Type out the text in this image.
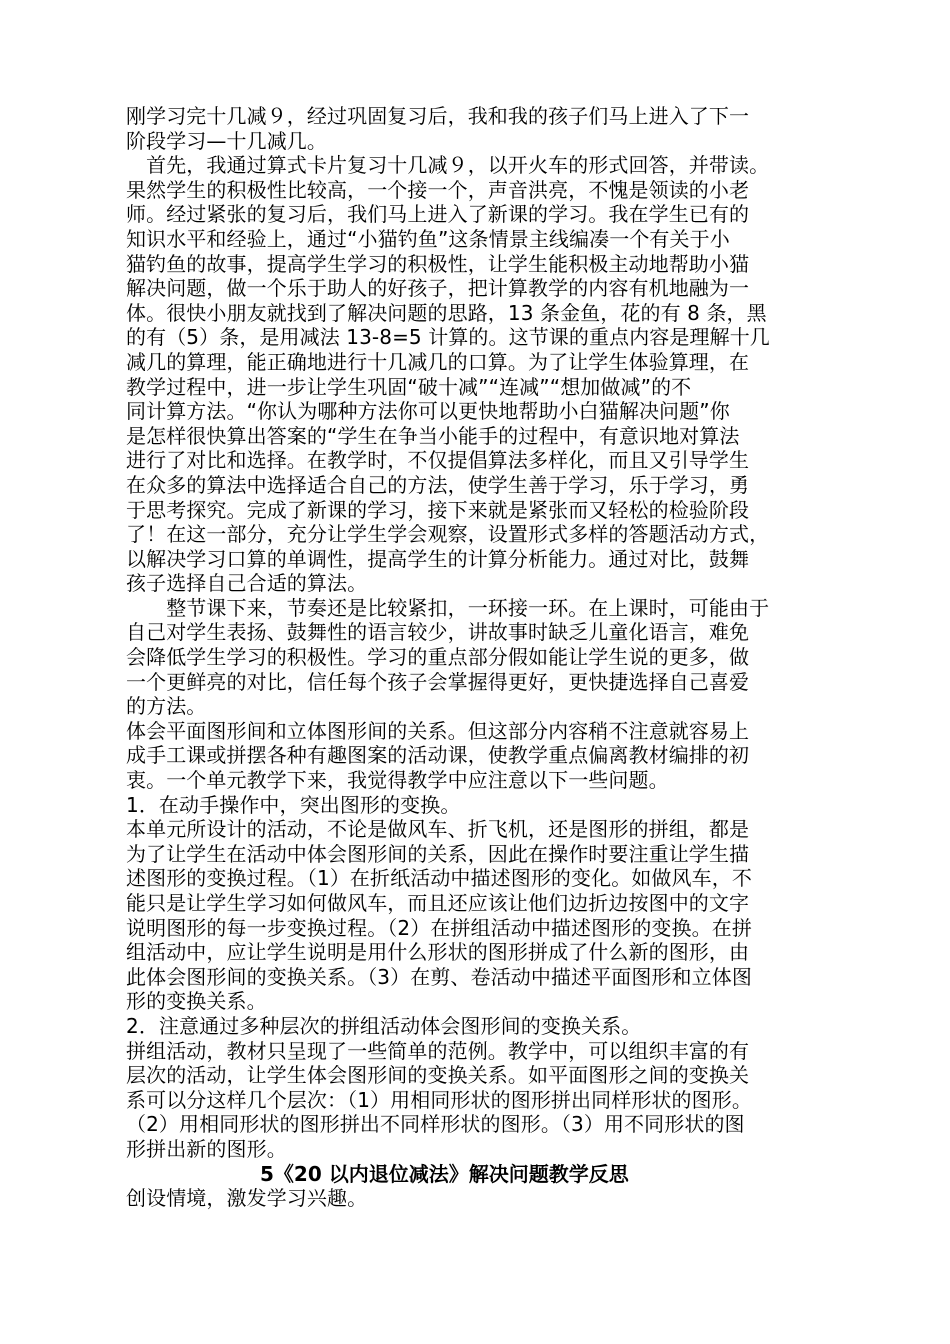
刚学习完十几减９，经过巩固复习后，我和我的孩子们马上进入了下一
阶段学习—十几减几。
　首先，我通过算式卡片复习十几减９，以开火车的形式回答，并带读。
果然学生的积极性比较高，一个接一个，声音洪亮，不愧是领读的小老
师。经过紧张的复习后，我们马上进入了新课的学习。我在学生已有的
知识水平和经验上，通过“小猫钓鱼”这条情景主线编凑一个有关于小
猫钓鱼的故事，提高学生学习的积极性，让学生能积极主动地帮助小猫
解决问题，做一个乐于助人的好孩子，把计算教学的内容有机地融为一
体。很快小朋友就找到了解决问题的思路，13 条金鱼，花的有 8 条，黑
的有（5）条，是用减法 13-8=5 计算的。这节课的重点内容是理解十几
减几的算理，能正确地进行十几减几的口算。为了让学生体验算理，在
教学过程中，进一步让学生巩固“破十减”“连减”“想加做减”的不
同计算方法。“你认为哪种方法你可以更快地帮助小白猫解决问题”你
是怎样很快算出答案的“学生在争当小能手的过程中，有意识地对算法
进行了对比和选择。在教学时，不仅提倡算法多样化，而且又引导学生
在众多的算法中选择适合自己的方法，使学生善于学习，乐于学习，勇
于思考探究。完成了新课的学习，接下来就是紧张而又轻松的检验阶段
了！在这一部分，充分让学生学会观察，设置形式多样的答题活动方式，
以解决学习口算的单调性，提高学生的计算分析能力。通过对比，鼓舞
孩子选择自己合适的算法。
　　整节课下来，节奏还是比较紧扣，一环接一环。在上课时，可能由于
自己对学生表扬、鼓舞性的语言较少，讲故事时缺乏儿童化语言，难免
会降低学生学习的积极性。学习的重点部分假如能让学生说的更多，做
一个更鲜亮的对比，信任每个孩子会掌握得更好，更快捷选择自己喜爱
的方法。
体会平面图形间和立体图形间的关系。但这部分内容稍不注意就容易上
成手工课或拼摆各种有趣图案的活动课，使教学重点偏离教材编排的初
衷。一个单元教学下来，我觉得教学中应注意以下一些问题。
1．在动手操作中，突出图形的变换。
本单元所设计的活动，不论是做风车、折飞机，还是图形的拼组，都是
为了让学生在活动中体会图形间的关系，因此在操作时要注重让学生描
述图形的变换过程。（1）在折纸活动中描述图形的变化。如做风车，不
能只是让学生学习如何做风车，而且还应该让他们边折边按图中的文字
说明图形的每一步变换过程。（2）在拼组活动中描述图形的变换。在拼
组活动中，应让学生说明是用什么形状的图形拼成了什么新的图形，由
此体会图形间的变换关系。（3）在剪、卷活动中描述平面图形和立体图
形的变换关系。
2．注意通过多种层次的拼组活动体会图形间的变换关系。
拼组活动，教材只呈现了一些简单的范例。教学中，可以组织丰富的有
层次的活动，让学生体会图形间的变换关系。如平面图形之间的变换关
系可以分这样几个层次：（1）用相同形状的图形拼出同样形状的图形。
（2）用相同形状的图形拼出不同样形状的图形。（3）用不同形状的图
形拼出新的图形。
5《20 以内退位减法》解决问题教学反思
创设情境，激发学习兴趣。
